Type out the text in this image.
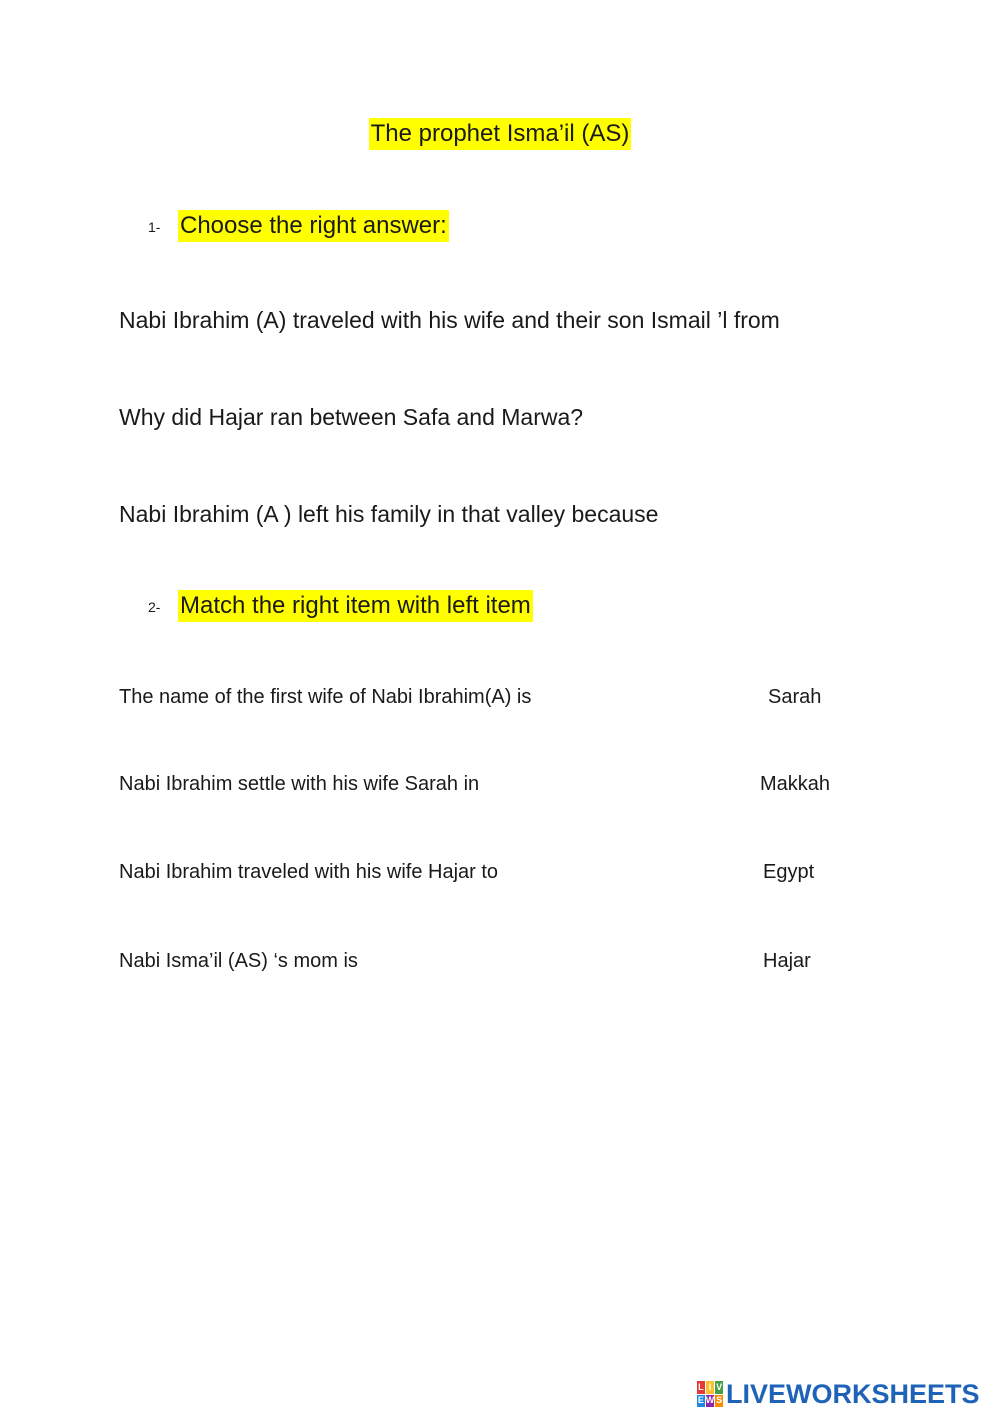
The prophet Isma’il (AS)
1- Choose the right answer:
Nabi Ibrahim (A) traveled with his wife and their son Ismail ’l from
Why did Hajar ran between Safa and Marwa?
Nabi Ibrahim (A ) left his family in that valley because
2- Match the right item with left item
The name of the first wife of Nabi Ibrahim(A) is
Nabi Ibrahim settle with his wife Sarah in
Nabi Ibrahim traveled with his wife Hajar to
Nabi Isma’il (AS) ‘s mom is
Sarah
Makkah
Egypt
Hajar
L I V
E W S LIVEWORKSHEETS
